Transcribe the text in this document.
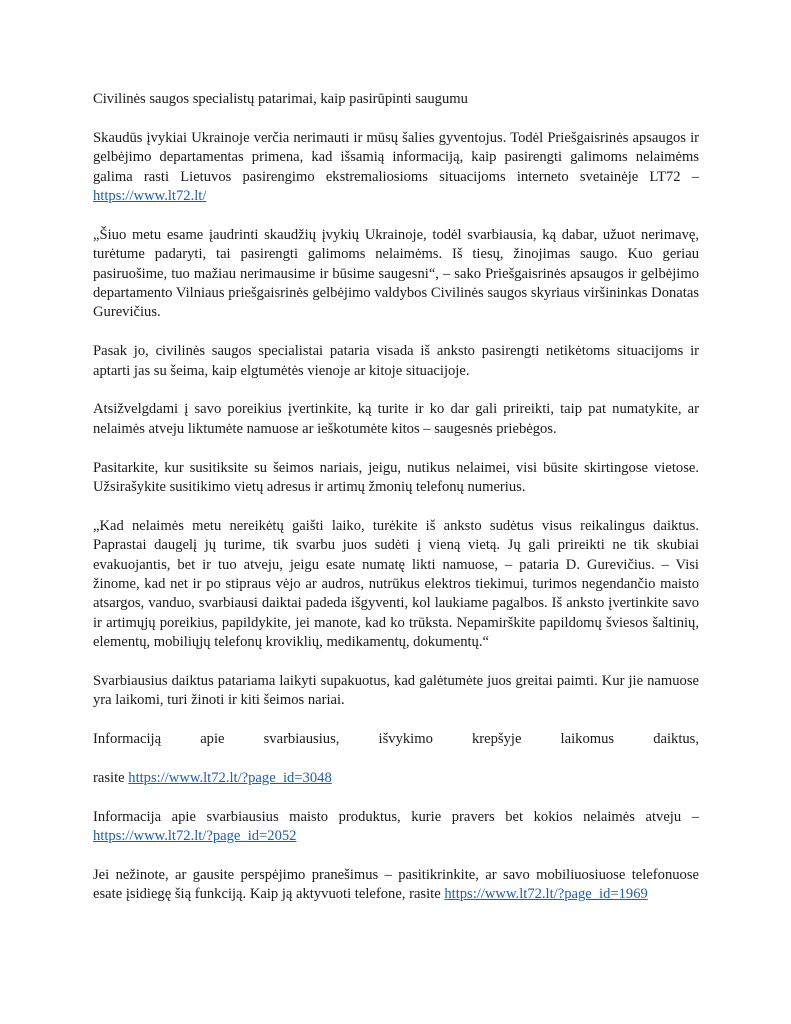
Civilinės saugos specialistų patarimai, kaip pasirūpinti saugumu

Skaudūs įvykiai Ukrainoje verčia nerimauti ir mūsų šalies gyventojus. Todėl Priešgaisrinės apsaugos ir gelbėjimo departamentas primena, kad išsamią informaciją, kaip pasirengti galimoms nelaimėms galima rasti Lietuvos pasirengimo ekstremaliosioms situacijoms interneto svetainėje LT72 – https://www.lt72.lt/

„Šiuo metu esame įaudrinti skaudžių įvykių Ukrainoje, todėl svarbiausia, ką dabar, užuot nerimavę, turėtume padaryti, tai pasirengti galimoms nelaimėms. Iš tiesų, žinojimas saugo. Kuo geriau pasiruošime, tuo mažiau nerimausime ir būsime saugesni“, – sako Priešgaisrinės apsaugos ir gelbėjimo departamento Vilniaus priešgaisrinės gelbėjimo valdybos Civilinės saugos skyriaus viršininkas Donatas Gurevičius.

Pasak jo, civilinės saugos specialistai pataria visada iš anksto pasirengti netikėtoms situacijoms ir aptarti jas su šeima, kaip elgtumėtės vienoje ar kitoje situacijoje.

Atsižvelgdami į savo poreikius įvertinkite, ką turite ir ko dar gali prireikti, taip pat numatykite, ar nelaimės atveju liktumėte namuose ar ieškotumėte kitos – saugesnės priebėgos.

Pasitarkite, kur susitiksite su šeimos nariais, jeigu, nutikus nelaimei, visi būsite skirtingose vietose. Užsirašykite susitikimo vietų adresus ir artimų žmonių telefonų numerius.

„Kad nelaimės metu nereikėtų gaišti laiko, turėkite iš anksto sudėtus visus reikalingus daiktus. Paprastai daugelį jų turime, tik svarbu juos sudėti į vieną vietą. Jų gali prireikti ne tik skubiai evakuojantis, bet ir tuo atveju, jeigu esate numatę likti namuose, – pataria D. Gurevičius. – Visi žinome, kad net ir po stipraus vėjo ar audros, nutrūkus elektros tiekimui, turimos negendančio maisto atsargos, vanduo, svarbiausi daiktai padeda išgyventi, kol laukiame pagalbos. Iš anksto įvertinkite savo ir artimųjų poreikius, papildykite, jei manote, kad ko trūksta. Nepamirškite papildomų šviesos šaltinių, elementų, mobiliųjų telefonų kroviklių, medikamentų, dokumentų.“

Svarbiausius daiktus patariama laikyti supakuotus, kad galėtumėte juos greitai paimti. Kur jie namuose yra laikomi, turi žinoti ir kiti šeimos nariai.

Informaciją apie svarbiausius, išvykimo krepšyje laikomus daiktus,

rasite https://www.lt72.lt/?page_id=3048

Informacija apie svarbiausius maisto produktus, kurie pravers bet kokios nelaimės atveju – https://www.lt72.lt/?page_id=2052

Jei nežinote, ar gausite perspėjimo pranešimus – pasitikrinkite, ar savo mobiliuosiuose telefonuose esate įsidiegę šią funkciją. Kaip ją aktyvuoti telefone, rasite https://www.lt72.lt/?page_id=1969
